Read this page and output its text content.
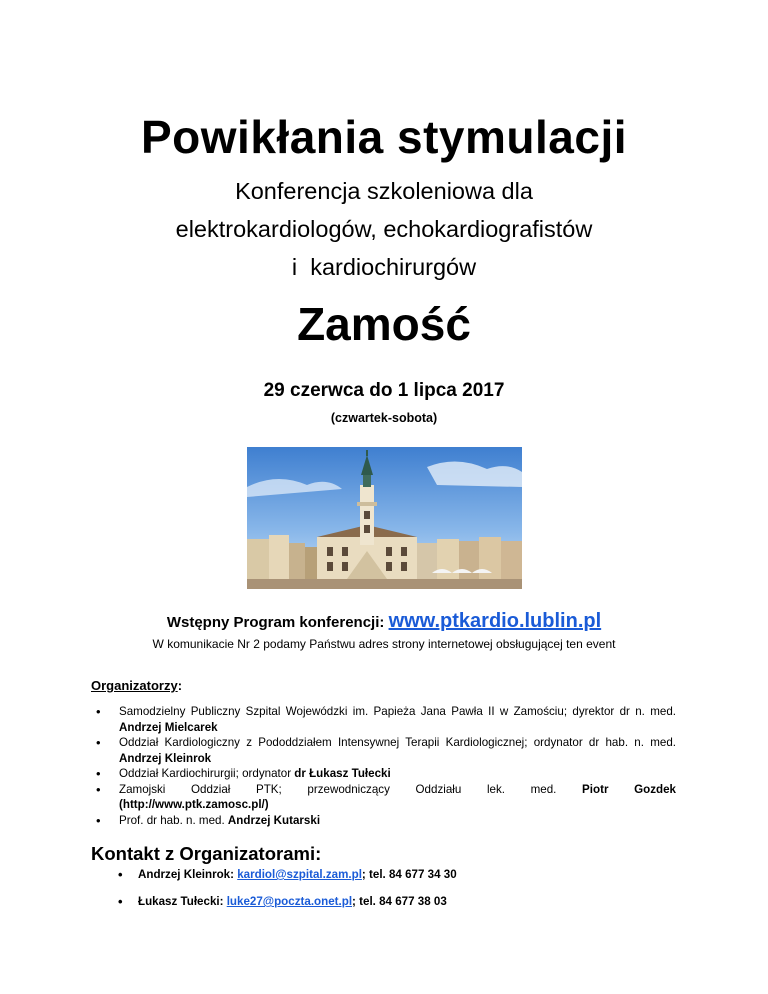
Powikłania stymulacji
Konferencja szkoleniowa dla
elektrokardiologów, echokardiografistów
i  kardiochirurgów
Zamość
29 czerwca do 1 lipca 2017
(czwartek-sobota)
Wstępny Program konferencji: www.ptkardio.lublin.pl
W komunikacie Nr 2 podamy Państwu adres strony internetowej obsługującej ten event
Organizatorzy:
• Samodzielny Publiczny Szpital Wojewódzki im. Papieża Jana Pawła II w Zamościu; dyrektor dr n. med. Andrzej Mielcarek
• Oddział Kardiologiczny z Pododdziałem Intensywnej Terapii Kardiologicznej; ordynator dr hab. n. med. Andrzej Kleinrok
• Oddział Kardiochirurgii; ordynator dr Łukasz Tułecki
• Zamojski Oddział PTK; przewodniczący Oddziału lek. med. Piotr Gozdek
(http://www.ptk.zamosc.pl/)
• Prof. dr hab. n. med. Andrzej Kutarski
Kontakt z Organizatorami:
• Andrzej Kleinrok: kardiol@szpital.zam.pl; tel. 84 677 34 30
• Łukasz Tułecki: luke27@poczta.onet.pl; tel. 84 677 38 03
